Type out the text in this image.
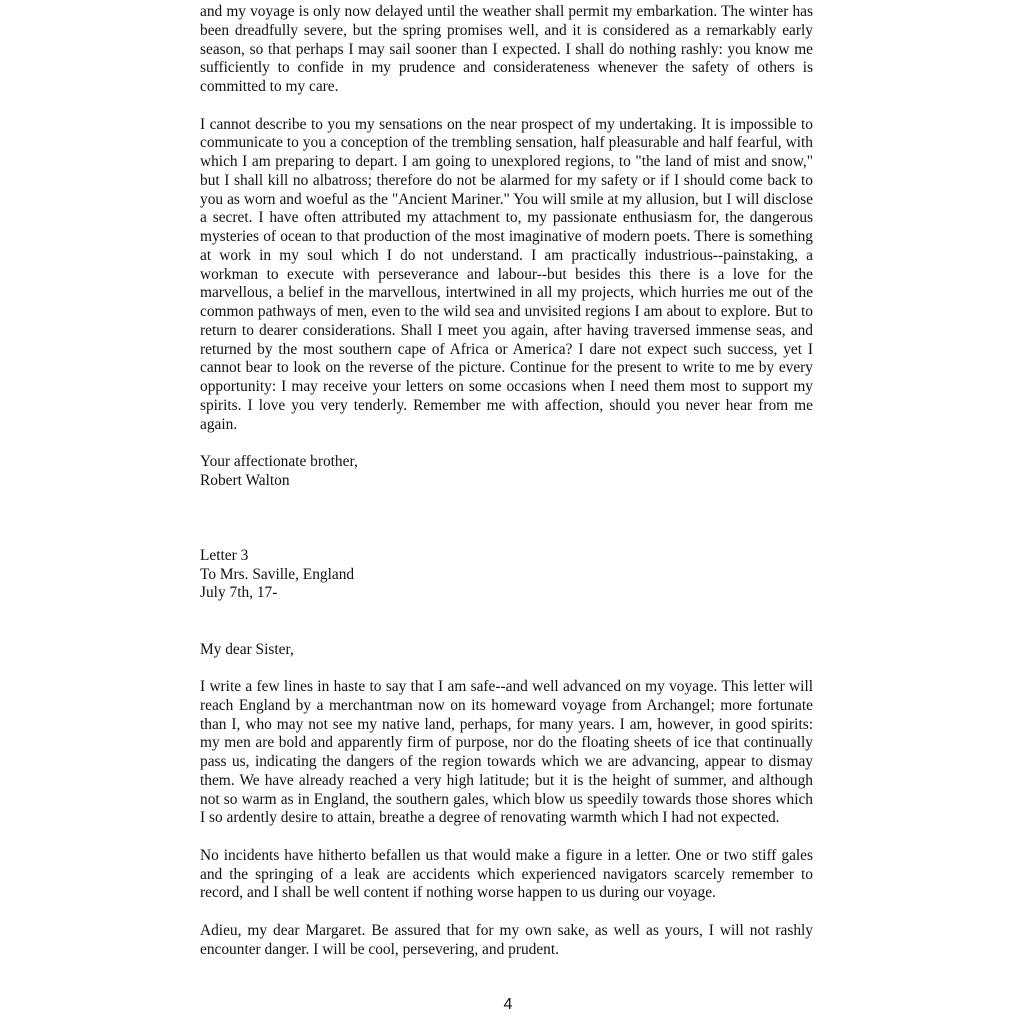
and my voyage is only now delayed until the weather shall permit my embarkation. The winter has been dreadfully severe, but the spring promises well, and it is considered as a remarkably early season, so that perhaps I may sail sooner than I expected. I shall do nothing rashly: you know me sufficiently to confide in my prudence and considerateness whenever the safety of others is committed to my care.

I cannot describe to you my sensations on the near prospect of my undertaking. It is impossible to communicate to you a conception of the trembling sensation, half pleasurable and half fearful, with which I am preparing to depart. I am going to unexplored regions, to "the land of mist and snow," but I shall kill no albatross; therefore do not be alarmed for my safety or if I should come back to you as worn and woeful as the "Ancient Mariner." You will smile at my allusion, but I will disclose a secret. I have often attributed my attachment to, my passionate enthusiasm for, the dangerous mysteries of ocean to that production of the most imaginative of modern poets. There is something at work in my soul which I do not understand. I am practically industrious--painstaking, a workman to execute with perseverance and labour--but besides this there is a love for the marvellous, a belief in the marvellous, intertwined in all my projects, which hurries me out of the common pathways of men, even to the wild sea and unvisited regions I am about to explore. But to return to dearer considerations. Shall I meet you again, after having traversed immense seas, and returned by the most southern cape of Africa or America? I dare not expect such success, yet I cannot bear to look on the reverse of the picture. Continue for the present to write to me by every opportunity: I may receive your letters on some occasions when I need them most to support my spirits. I love you very tenderly. Remember me with affection, should you never hear from me again.

Your affectionate brother,
Robert Walton
Letter 3
To Mrs. Saville, England
July 7th, 17-
My dear Sister,

I write a few lines in haste to say that I am safe--and well advanced on my voyage. This letter will reach England by a merchantman now on its homeward voyage from Archangel; more fortunate than I, who may not see my native land, perhaps, for many years. I am, however, in good spirits: my men are bold and apparently firm of purpose, nor do the floating sheets of ice that continually pass us, indicating the dangers of the region towards which we are advancing, appear to dismay them. We have already reached a very high latitude; but it is the height of summer, and although not so warm as in England, the southern gales, which blow us speedily towards those shores which I so ardently desire to attain, breathe a degree of renovating warmth which I had not expected.

No incidents have hitherto befallen us that would make a figure in a letter. One or two stiff gales and the springing of a leak are accidents which experienced navigators scarcely remember to record, and I shall be well content if nothing worse happen to us during our voyage.

Adieu, my dear Margaret. Be assured that for my own sake, as well as yours, I will not rashly encounter danger. I will be cool, persevering, and prudent.

4
